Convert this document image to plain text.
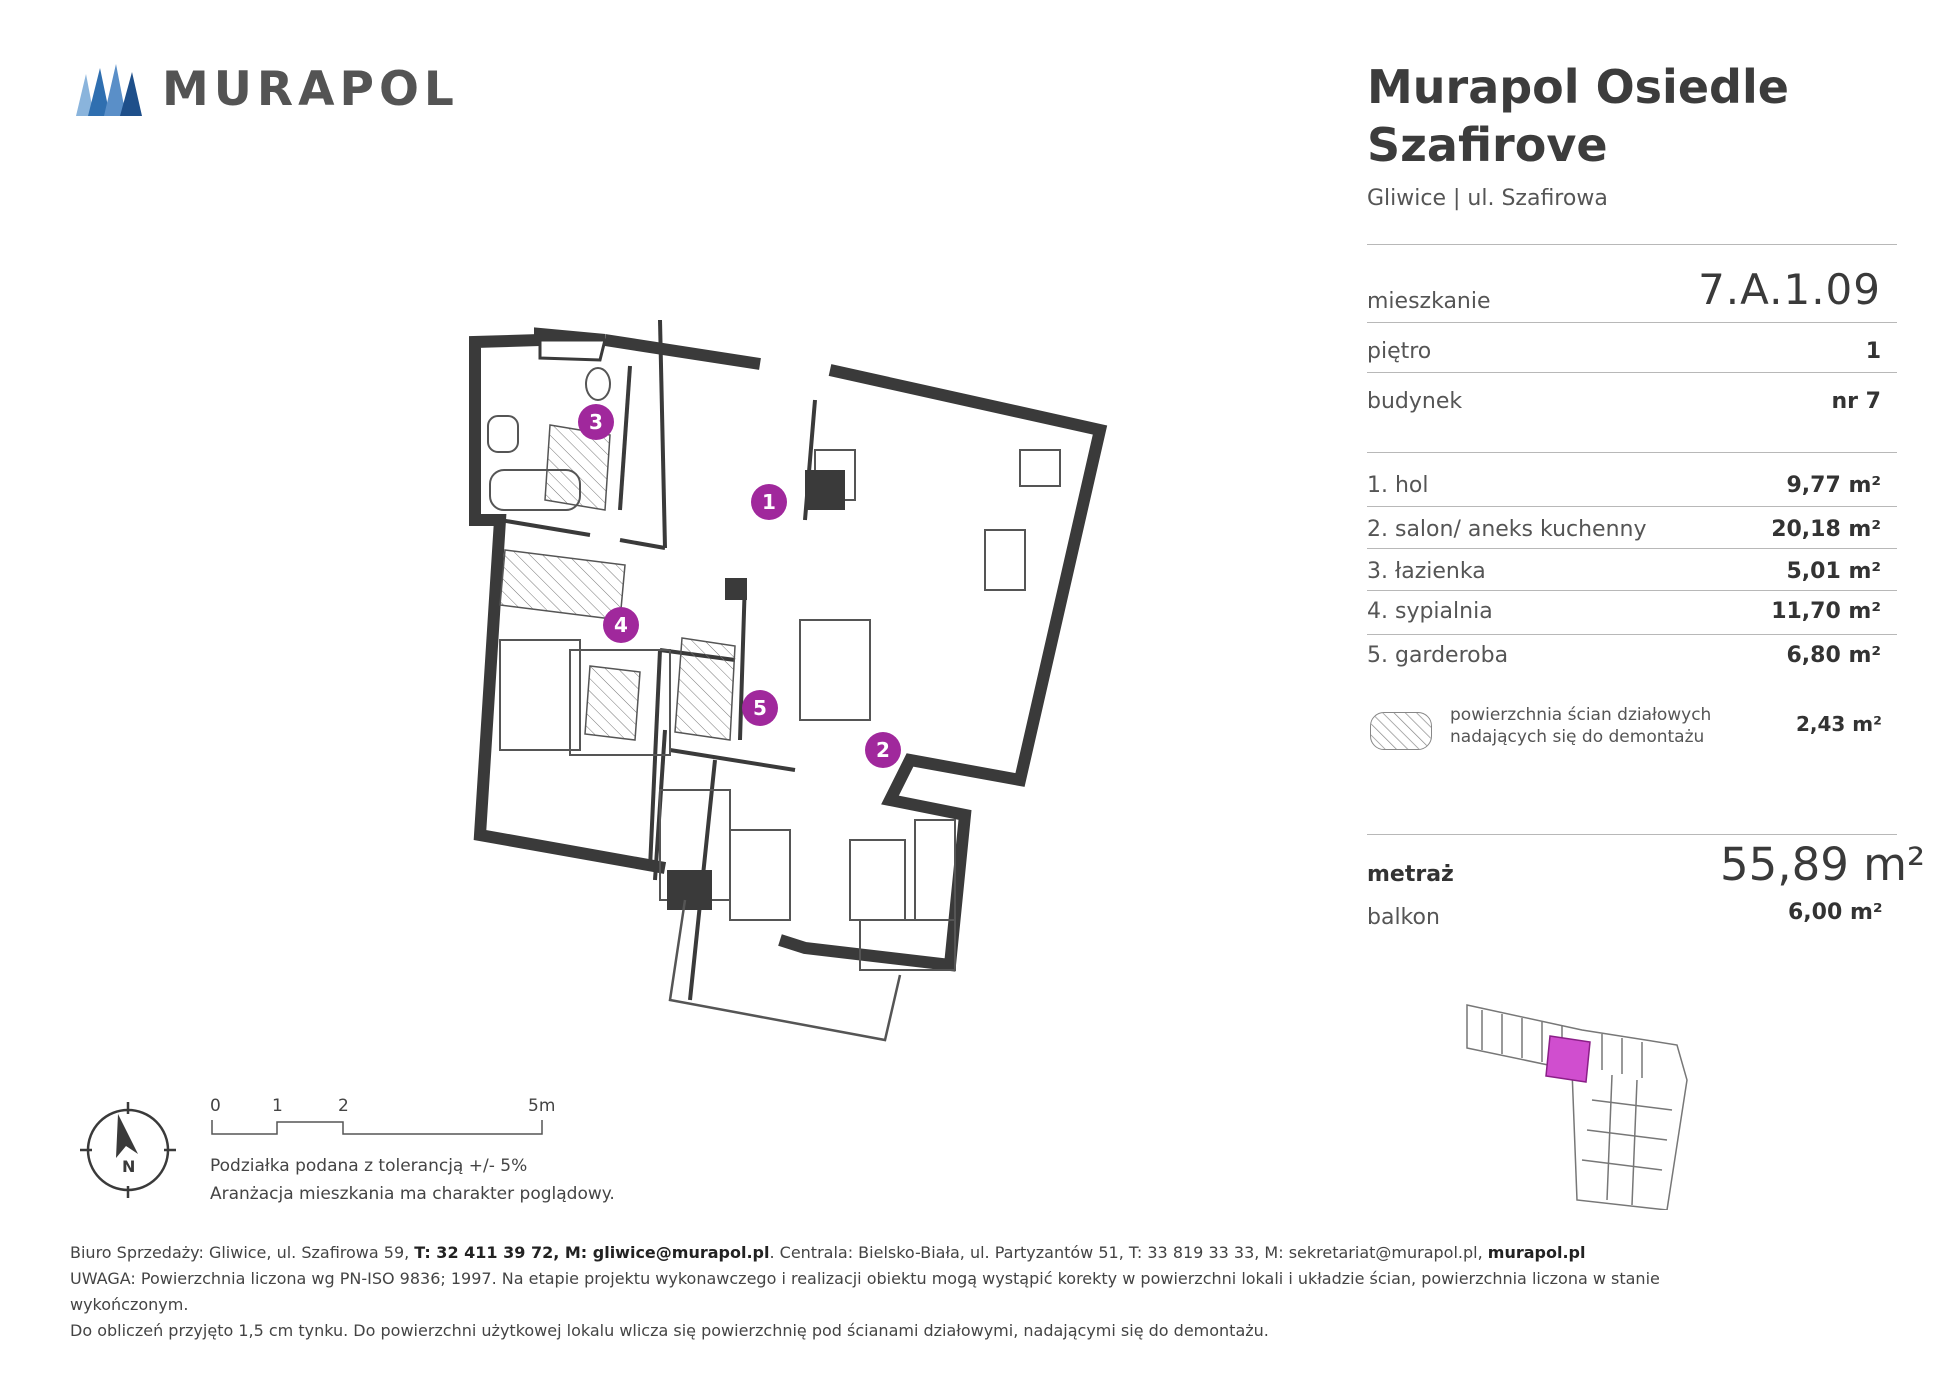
MURAPOL	Murapol Osiedle
Szafirove
Gliwice | ul. Szafirowa
mieszkanie	7.A.1.09
piętro	1
budynek	nr 7
1. hol	9,77 m²
2. salon/ aneks kuchenny	20,18 m²
3. łazienka	5,01 m²
4. sypialnia	11,70 m²
5. garderoba	6,80 m²
powierzchnia ścian działowych
nadających się do demontażu
2,43 m²
metraż	55,89 m²
balkon	6,00 m²
1
2
3
4
5
N
0	1	2	5m
Podziałka podana z tolerancją +/- 5%
Aranżacja mieszkania ma charakter poglądowy.
Biuro Sprzedaży: Gliwice, ul. Szafirowa 59, T: 32 411 39 72, M: gliwice@murapol.pl. Centrala: Bielsko-Biała, ul. Partyzantów 51, T: 33 819 33 33, M: sekretariat@murapol.pl, murapol.pl
UWAGA: Powierzchnia liczona wg PN-ISO 9836; 1997. Na etapie projektu wykonawczego i realizacji obiektu mogą wystąpić korekty w powierzchni lokali i układzie ścian, powierzchnia liczona w stanie
wykończonym.
Do obliczeń przyjęto 1,5 cm tynku. Do powierzchni użytkowej lokalu wlicza się powierzchnię pod ścianami działowymi, nadającymi się do demontażu.
